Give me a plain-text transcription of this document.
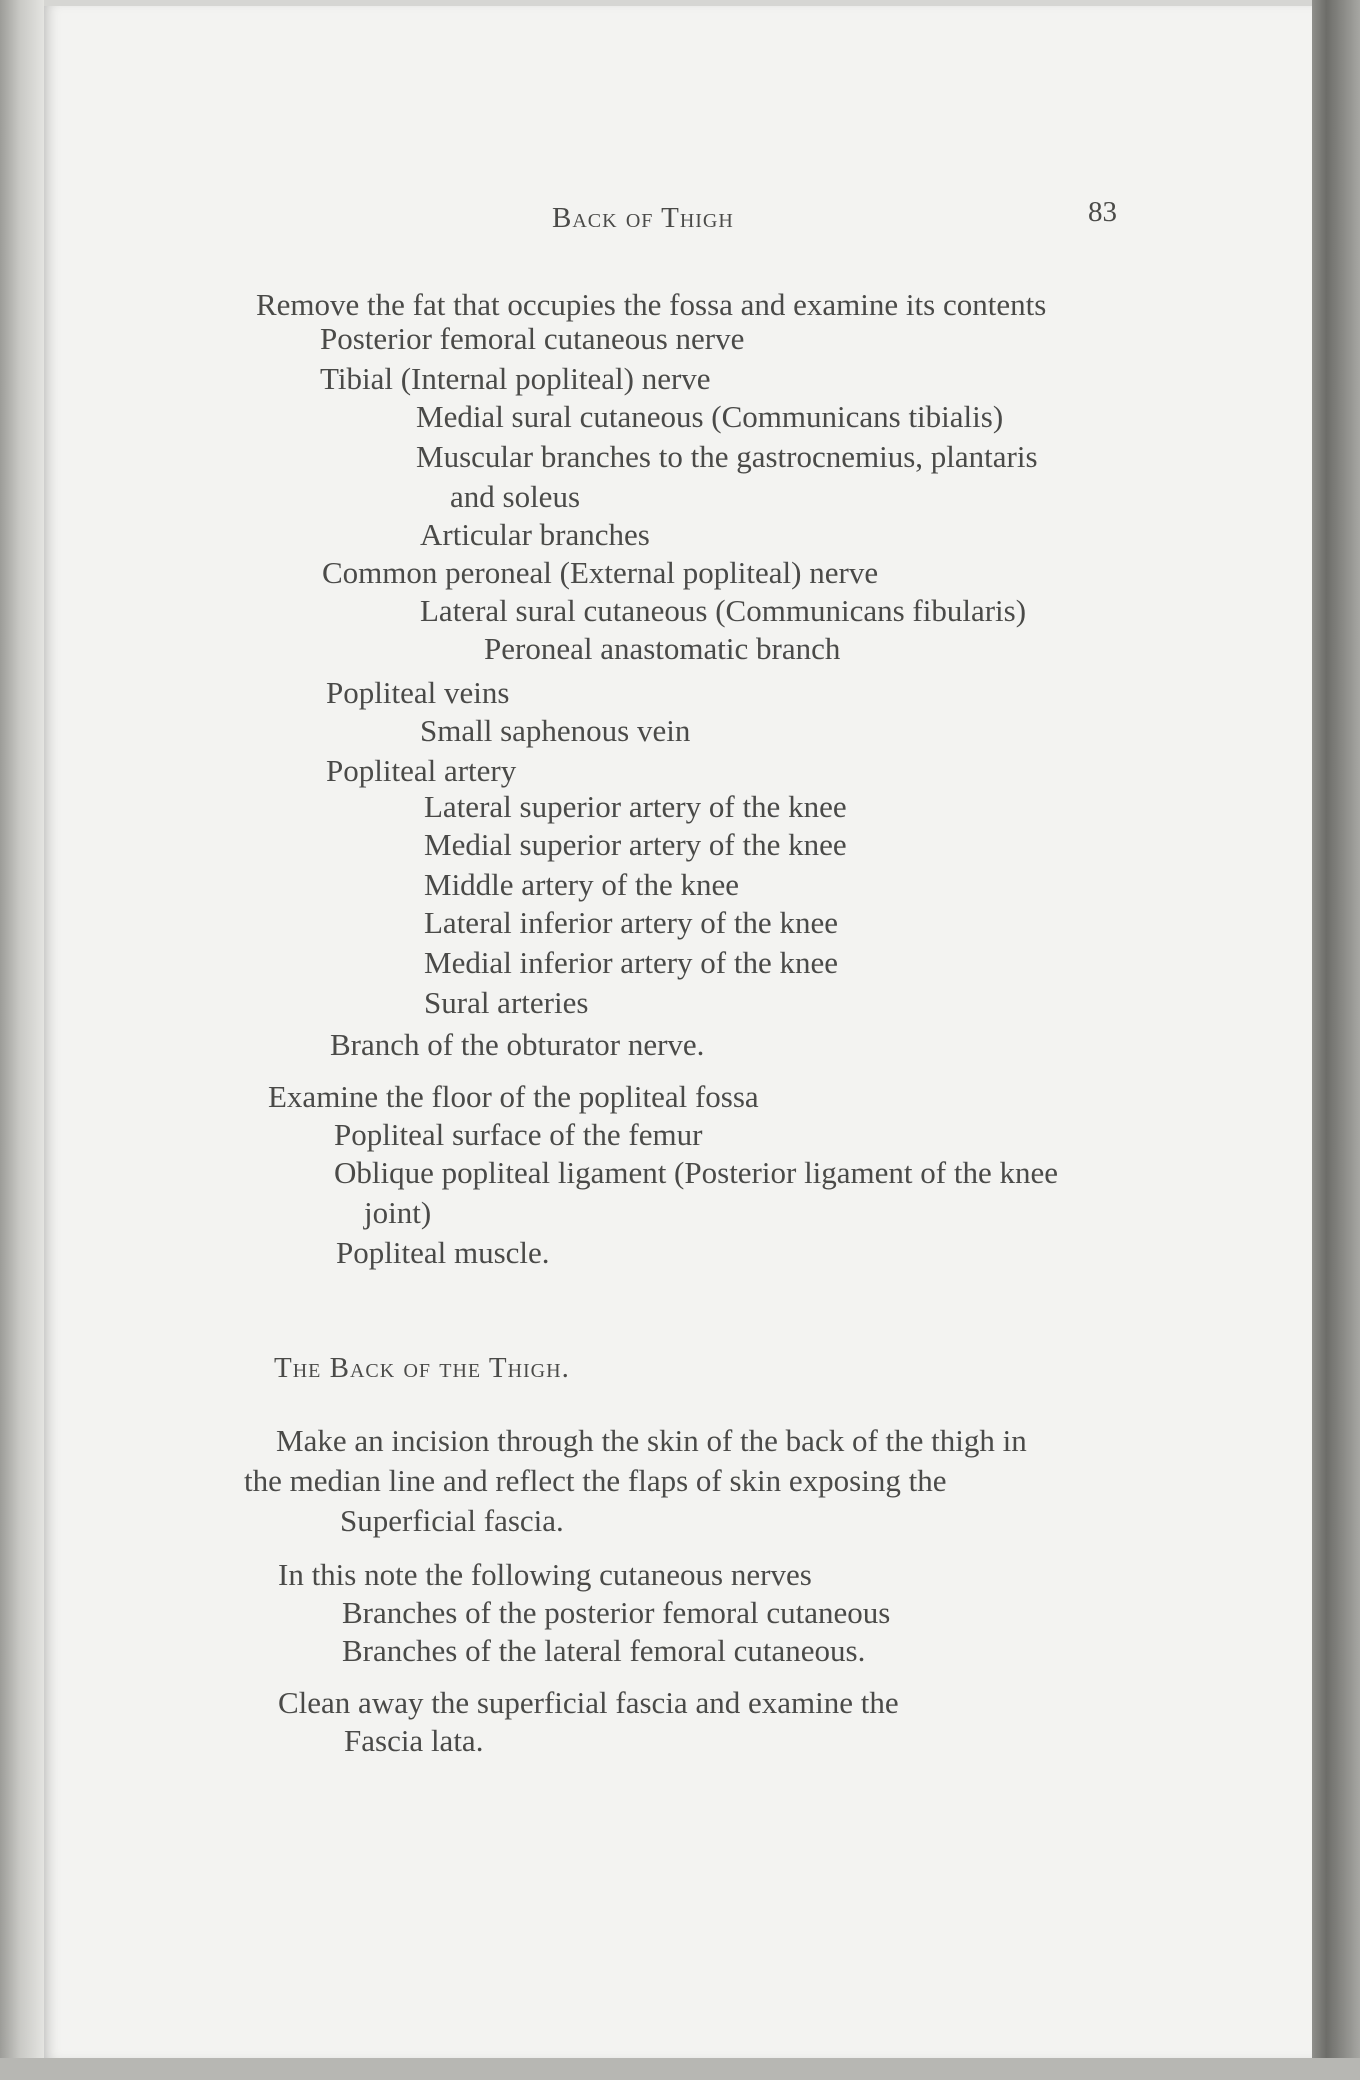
Back of Thigh	83
Remove the fat that occupies the fossa and examine its contents
Posterior femoral cutaneous nerve
Tibial (Internal popliteal) nerve
Medial sural cutaneous (Communicans tibialis)
Muscular branches to the gastrocnemius, plantaris
and soleus
Articular branches
Common peroneal (External popliteal) nerve
Lateral sural cutaneous (Communicans fibularis)
Peroneal anastomatic branch
Popliteal veins
Small saphenous vein
Popliteal artery
Lateral superior artery of the knee
Medial superior artery of the knee
Middle artery of the knee
Lateral inferior artery of the knee
Medial inferior artery of the knee
Sural arteries
Branch of the obturator nerve.
Examine the floor of the popliteal fossa
Popliteal surface of the femur
Oblique popliteal ligament (Posterior ligament of the knee
joint)
Popliteal muscle.
The Back of the Thigh.
Make an incision through the skin of the back of the thigh in
the median line and reflect the flaps of skin exposing the
Superficial fascia.
In this note the following cutaneous nerves
Branches of the posterior femoral cutaneous
Branches of the lateral femoral cutaneous.
Clean away the superficial fascia and examine the
Fascia lata.
